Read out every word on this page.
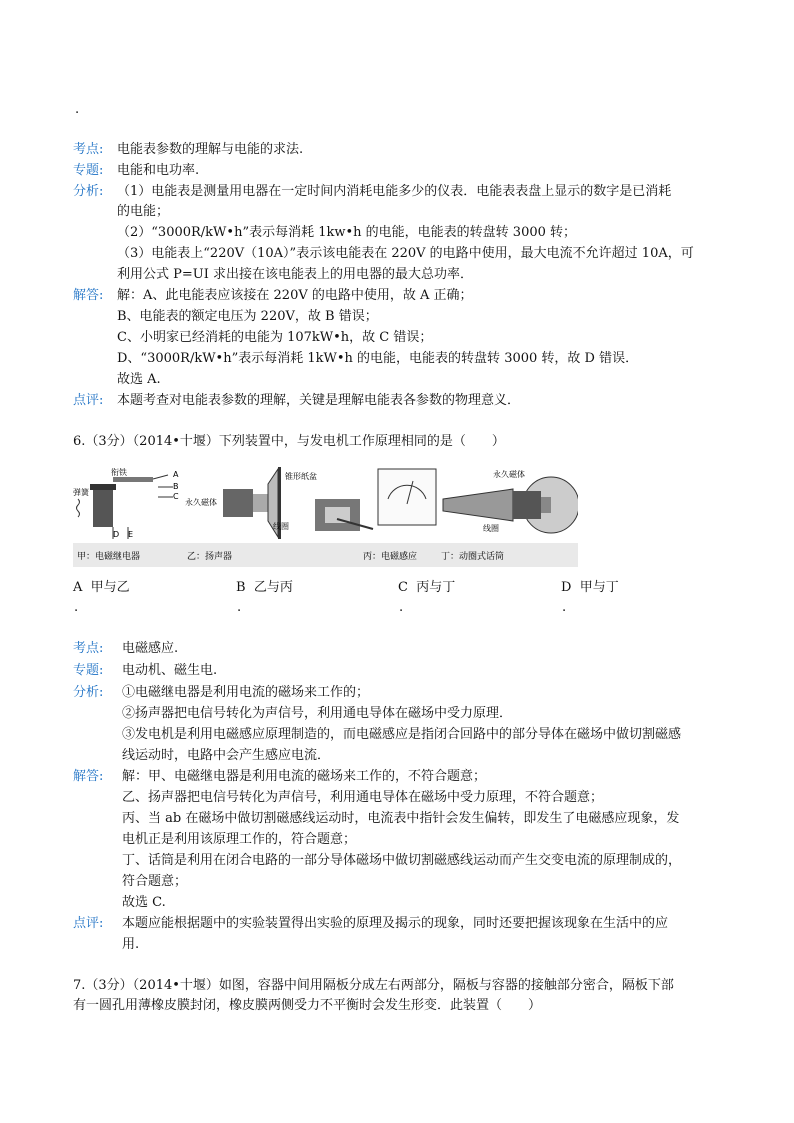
.
考点: 电能表参数的理解与电能的求法.
专题: 电能和电功率.
分析: （1）电能表是测量用电器在一定时间内消耗电能多少的仪表．电能表表盘上显示的数字是已消耗
的电能；
（2）“3000R/kW•h”表示每消耗 1kw•h 的电能，电能表的转盘转 3000 转；
（3）电能表上“220V（10A）”表示该电能表在 220V 的电路中使用，最大电流不允许超过 10A，可
利用公式 P=UI 求出接在该电能表上的用电器的最大总功率．
解答: 解：A、此电能表应该接在 220V 的电路中使用，故 A 正确；
B、电能表的额定电压为 220V，故 B 错误；
C、小明家已经消耗的电能为 107kW•h，故 C 错误；
D、“3000R/kW•h”表示每消耗 1kW•h 的电能，电能表的转盘转 3000 转，故 D 错误．
故选 A.
点评: 本题考查对电能表参数的理解，关键是理解电能表各参数的物理意义．
6.（3分）（2014•十堰）下列装置中，与发电机工作原理相同的是（　　）
衔铁
弹簧
A
B
C
D E
甲：电磁继电器
锥形纸盆
永久磁体
线圈
乙：扬声器	丙：电磁感应
永久磁体
线圈
丁：动圈式话筒
A 甲与乙	B 乙与丙	C 丙与丁	D 甲与丁
.	.	.	.
考点: 电磁感应.
专题: 电动机、磁生电.
分析: ①电磁继电器是利用电流的磁场来工作的；
②扬声器把电信号转化为声信号，利用通电导体在磁场中受力原理．
③发电机是利用电磁感应原理制造的，而电磁感应是指闭合回路中的部分导体在磁场中做切割磁感
线运动时，电路中会产生感应电流．
解答: 解：甲、电磁继电器是利用电流的磁场来工作的，不符合题意；
乙、扬声器把电信号转化为声信号，利用通电导体在磁场中受力原理，不符合题意；
丙、当 ab 在磁场中做切割磁感线运动时，电流表中指针会发生偏转，即发生了电磁感应现象，发
电机正是利用该原理工作的，符合题意；
丁、话筒是利用在闭合电路的一部分导体磁场中做切割磁感线运动而产生交变电流的原理制成的，
符合题意；
故选 C.
点评: 本题应能根据题中的实验装置得出实验的原理及揭示的现象，同时还要把握该现象在生活中的应
用.
7.（3分）（2014•十堰）如图，容器中间用隔板分成左右两部分，隔板与容器的接触部分密合，隔板下部
有一圆孔用薄橡皮膜封闭，橡皮膜两侧受力不平衡时会发生形变．此装置（　　）
